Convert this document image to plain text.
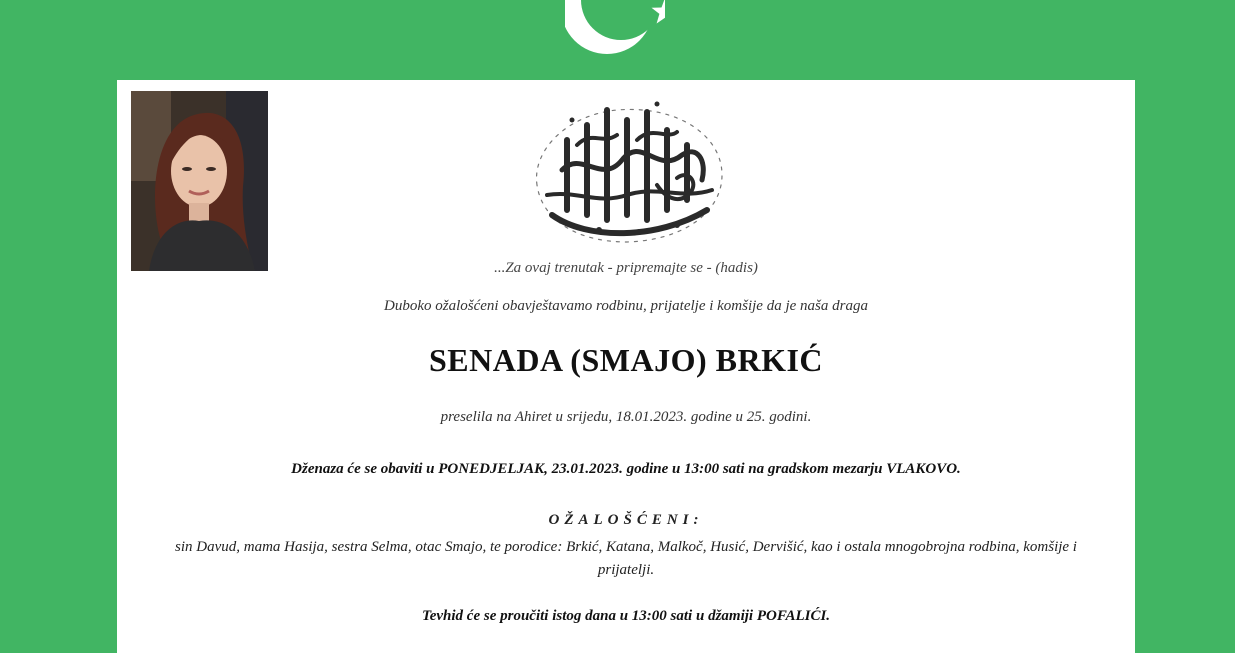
...Za ovaj trenutak - pripremajte se - (hadis)
Duboko ožalošćeni obavještavamo rodbinu, prijatelje i komšije da je naša draga
SENADA (SMAJO) BRKIĆ
preselila na Ahiret u srijedu, 18.01.2023. godine u 25. godini.
Dženaza će se obaviti u PONEDJELJAK, 23.01.2023. godine u 13:00 sati na gradskom mezarju VLAKOVO.
OŽALOŠĆENI:
sin Davud, mama Hasija, sestra Selma, otac Smajo, te porodice: Brkić, Katana, Malkoč, Husić, Dervišić, kao i ostala mnogobrojna rodbina, komšije i prijatelji.
Tevhid će se proučiti istog dana u 13:00 sati u džamiji POFALIĆI.
